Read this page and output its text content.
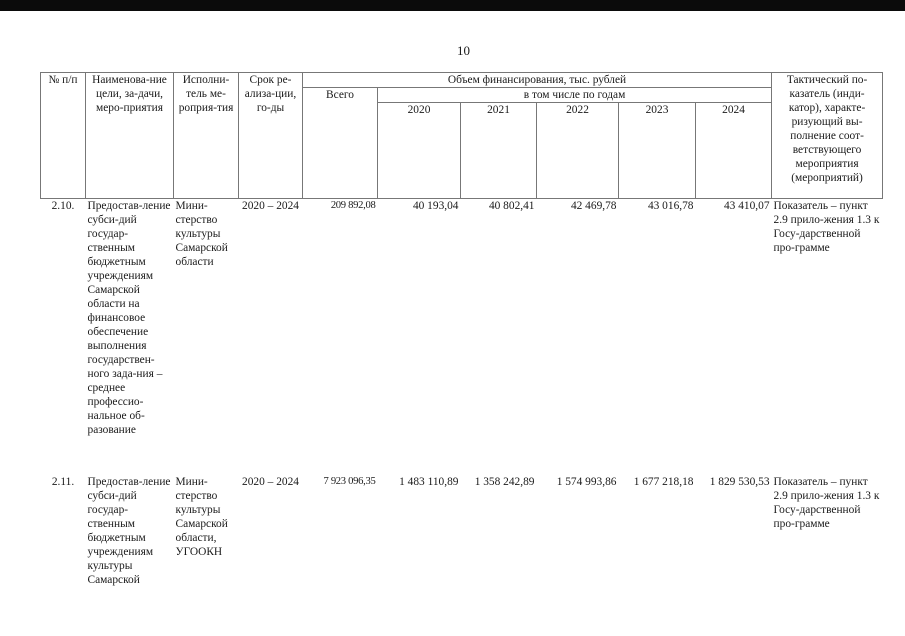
10
№ п/п	Наименова-ние цели, за-дачи, меро-приятия	Исполни-тель ме-роприя-тия	Срок ре-ализа-ции, го-ды	Объем финансирования, тыс. рублей						Тактический по-казатель (инди-катор), характе-ризующий вы-полнение соот-ветствующего мероприятия (мероприятий)
				Всего	в том числе по годам					
					2020	2021	2022	2023	2024	
2.10.	Предостав-ление субси-дий государ-ственным бюджетным учреждениям Самарской области на финансовое обеспечение выполнения государствен-ного зада-ния – среднее профессио-нальное об-разование	Мини-стерство культуры Самарской области	2020 – 2024	209 892,08	40 193,04	40 802,41	42 469,78	43 016,78	43 410,07	Показатель – пункт 2.9 прило-жения 1.3 к Госу-дарственной про-грамме
2.11.	Предостав-ление субси-дий государ-ственным бюджетным учреждениям культуры Самарской	Мини-стерство культуры Самарской области, УГООКН	2020 – 2024	7 923 096,35	1 483 110,89	1 358 242,89	1 574 993,86	1 677 218,18	1 829 530,53	Показатель – пункт 2.9 прило-жения 1.3 к Госу-дарственной про-грамме
